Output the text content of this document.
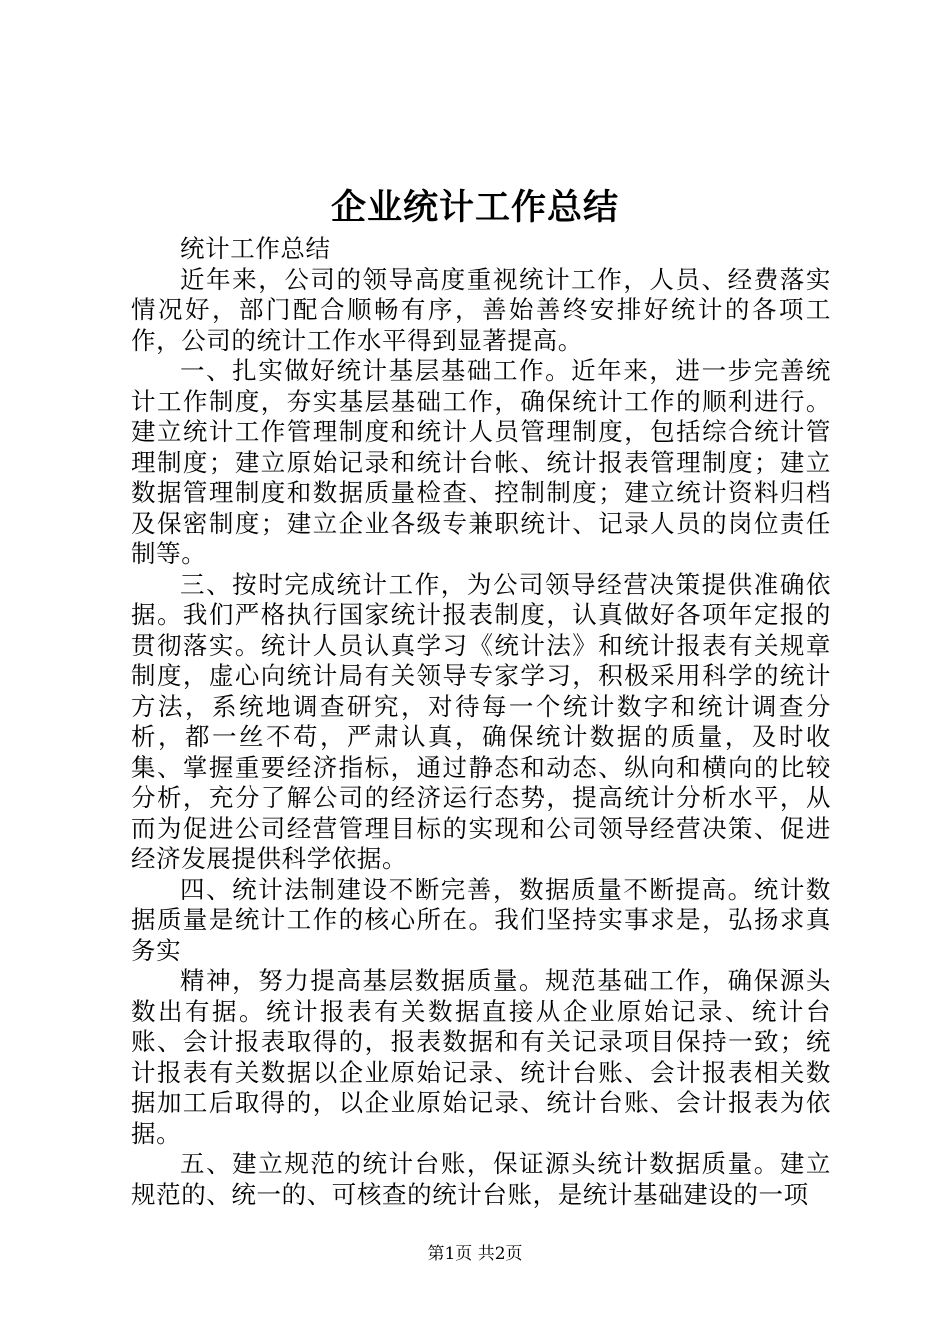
企业统计工作总结

统计工作总结

近年来，公司的领导高度重视统计工作，人员、经费落实情况好，部门配合顺畅有序，善始善终安排好统计的各项工作，公司的统计工作水平得到显著提高。

一、扎实做好统计基层基础工作。近年来，进一步完善统计工作制度，夯实基层基础工作，确保统计工作的顺利进行。建立统计工作管理制度和统计人员管理制度，包括综合统计管理制度；建立原始记录和统计台帐、统计报表管理制度；建立数据管理制度和数据质量检查、控制制度；建立统计资料归档及保密制度；建立企业各级专兼职统计、记录人员的岗位责任制等。

三、按时完成统计工作，为公司领导经营决策提供准确依据。我们严格执行国家统计报表制度，认真做好各项年定报的贯彻落实。统计人员认真学习《统计法》和统计报表有关规章制度，虚心向统计局有关领导专家学习，积极采用科学的统计方法，系统地调查研究，对待每一个统计数字和统计调查分析，都一丝不苟，严肃认真，确保统计数据的质量，及时收集、掌握重要经济指标，通过静态和动态、纵向和横向的比较分析，充分了解公司的经济运行态势，提高统计分析水平，从而为促进公司经营管理目标的实现和公司领导经营决策、促进经济发展提供科学依据。

四、统计法制建设不断完善，数据质量不断提高。统计数据质量是统计工作的核心所在。我们坚持实事求是，弘扬求真务实

精神，努力提高基层数据质量。规范基础工作，确保源头数出有据。统计报表有关数据直接从企业原始记录、统计台账、会计报表取得的，报表数据和有关记录项目保持一致；统计报表有关数据以企业原始记录、统计台账、会计报表相关数据加工后取得的，以企业原始记录、统计台账、会计报表为依据。

五、建立规范的统计台账，保证源头统计数据质量。建立规范的、统一的、可核查的统计台账，是统计基础建设的一项

第1页 共2页
